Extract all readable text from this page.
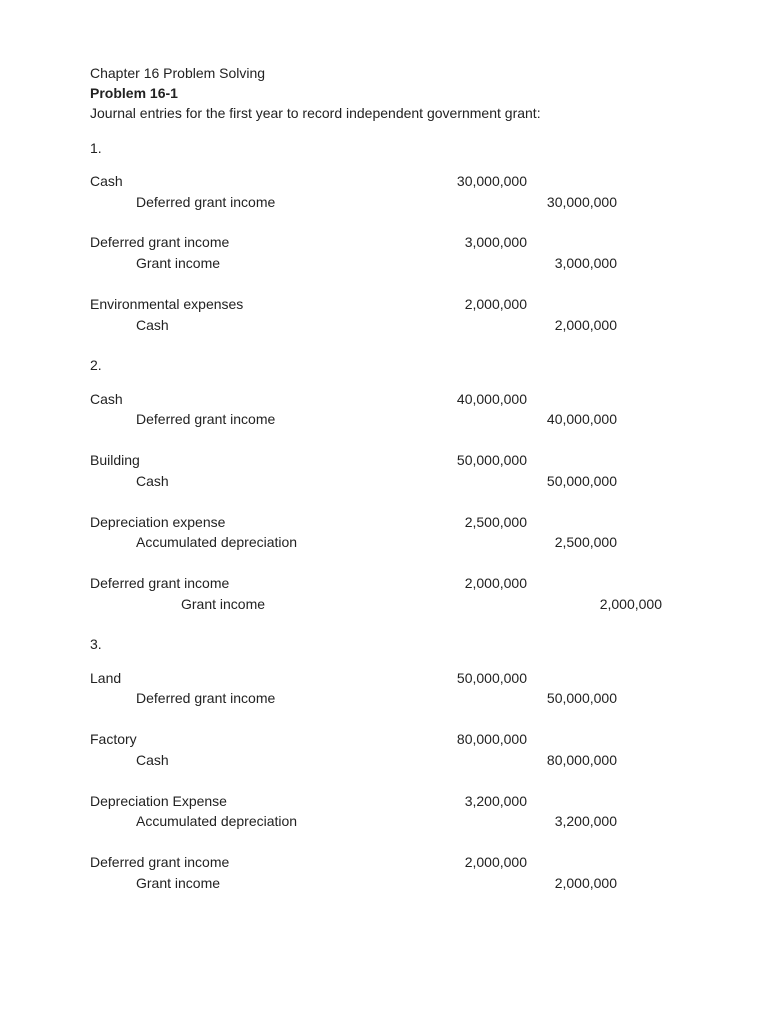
Chapter 16 Problem Solving
Problem 16-1
Journal entries for the first year to record independent government grant:
1.
Cash	30,000,000
Deferred grant income	30,000,000
Deferred grant income	3,000,000
Grant income	3,000,000
Environmental expenses	2,000,000
Cash	2,000,000
2.
Cash	40,000,000
Deferred grant income	40,000,000
Building	50,000,000
Cash	50,000,000
Depreciation expense	2,500,000
Accumulated depreciation	2,500,000
Deferred grant income	2,000,000
Grant income	2,000,000
3.
Land	50,000,000
Deferred grant income	50,000,000
Factory	80,000,000
Cash	80,000,000
Depreciation Expense	3,200,000
Accumulated depreciation	3,200,000
Deferred grant income	2,000,000
Grant income	2,000,000
